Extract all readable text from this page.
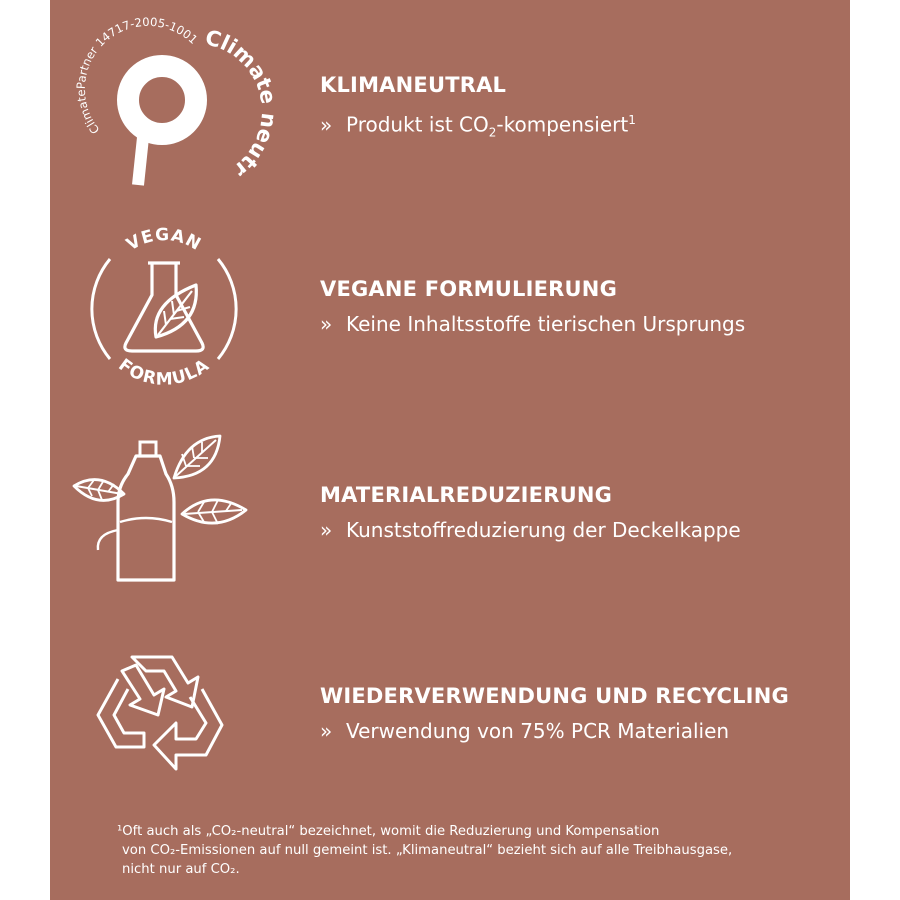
ClimatePartner 14717-2005-1001 Climate neutral
VEGAN
FORMULA
KLIMANEUTRAL
» Produkt ist $CO_2-kompensiert^1$
VEGANE FORMULIERUNG
» Keine Inhaltsstoffe tierischen Ursprungs
MATERIALREDUZIERUNG
» Kunststoffreduzierung der Deckelkappe
WIEDERVERWENDUNG UND RECYCLING
» Verwendung von 75% PCR Materialien
¹Oft auch als „CO₂-neutral“ bezeichnet, womit die Reduzierung und Kompensation
von CO₂-Emissionen auf null gemeint ist. „Klimaneutral“ bezieht sich auf alle Treibhausgase,
nicht nur auf CO₂.
